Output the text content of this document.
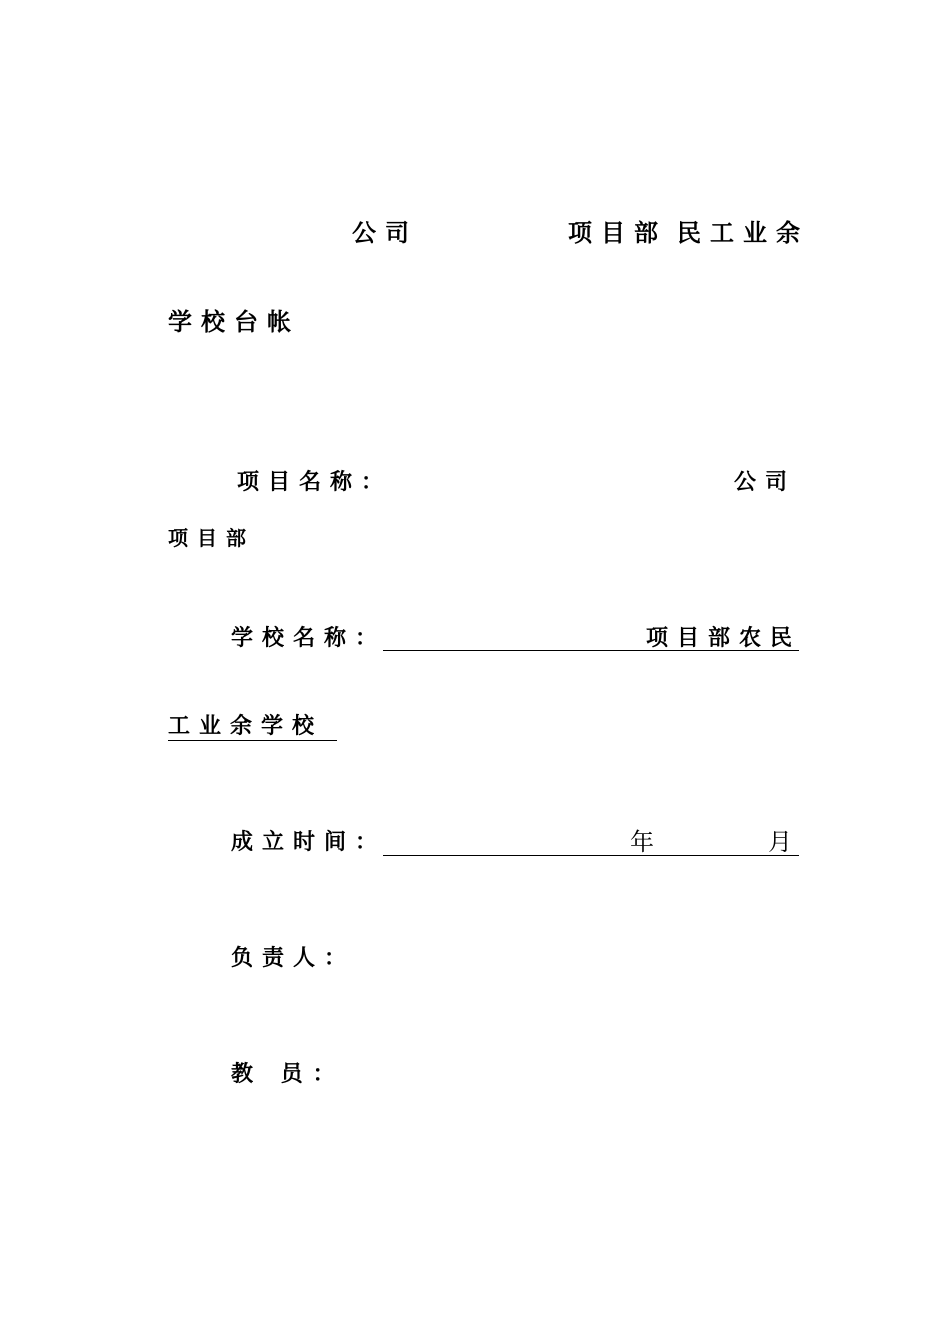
公司	项目部 民工业余
学校台帐
项目名称：	公司
项目部
学校名称：	项目部农民
工业余学校
成立时间：	年	月
负责人：
教 员：
